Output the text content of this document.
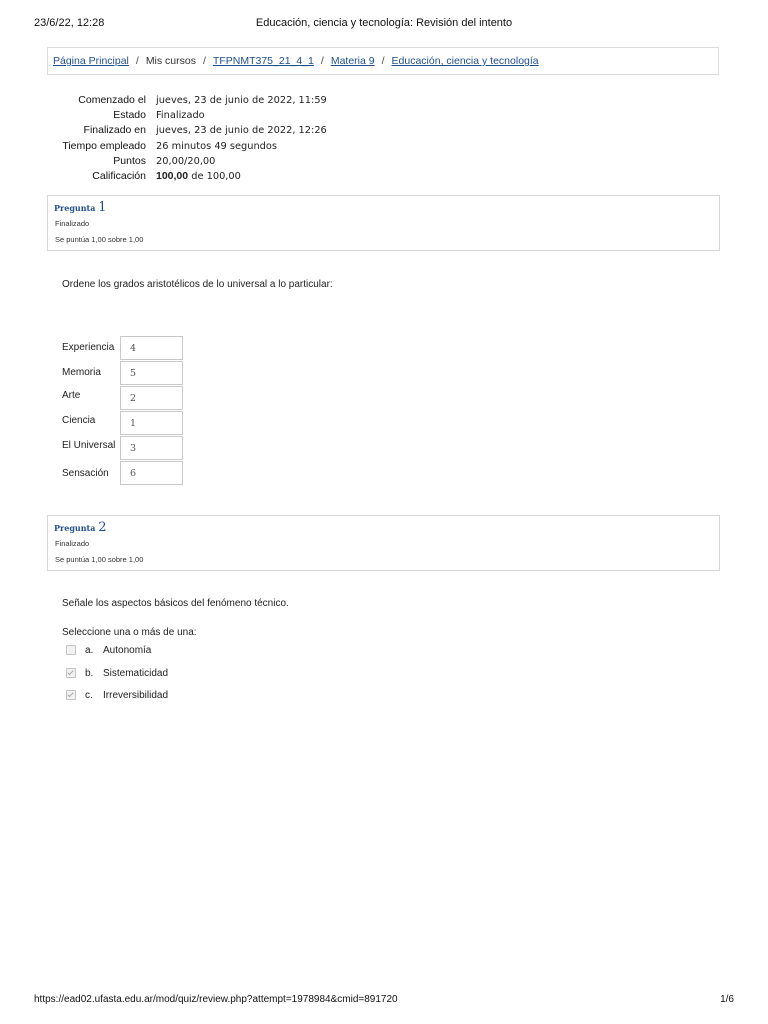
23/6/22, 12:28	Educación, ciencia y tecnología: Revisión del intento
Página Principal / Mis cursos / TFPNMT375_21_4_1 / Materia 9 / Educación, ciencia y tecnología
Comenzado el	jueves, 23 de junio de 2022, 11:59
Estado	Finalizado
Finalizado en	jueves, 23 de junio de 2022, 12:26
Tiempo empleado	26 minutos 49 segundos
Puntos	20,00/20,00
Calificación 100,00 de 100,00
Pregunta 1
Finalizado
Se puntúa 1,00 sobre 1,00
Ordene los grados aristotélicos de lo universal a lo particular:
Experiencia	4
Memoria	5
Arte	2
Ciencia	1
El Universal	3
Sensación	6
Pregunta 2
Finalizado
Se puntúa 1,00 sobre 1,00
Señale los aspectos básicos del fenómeno técnico.
Seleccione una o más de una:
a. Autonomía
b. Sistematicidad
c.	Irreversibilidad
https://ead02.ufasta.edu.ar/mod/quiz/review.php?attempt=1978984&cmid=891720	1/6
